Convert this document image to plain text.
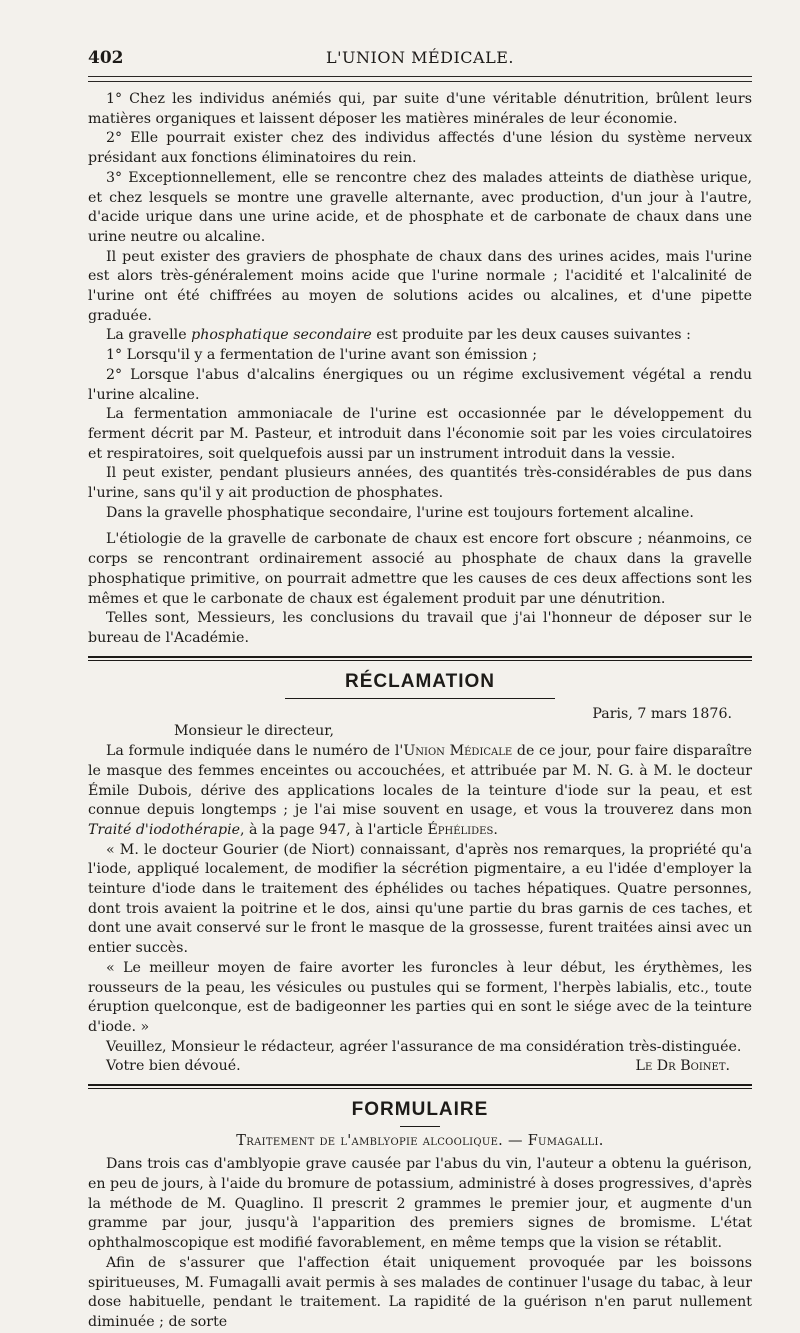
402	L'UNION MÉDICALE.

1° Chez les individus anémiés qui, par suite d'une véritable dénutrition, brûlent leurs matières organiques et laissent déposer les matières minérales de leur économie.

2° Elle pourrait exister chez des individus affectés d'une lésion du système nerveux présidant aux fonctions éliminatoires du rein.

3° Exceptionnellement, elle se rencontre chez des malades atteints de diathèse urique, et chez lesquels se montre une gravelle alternante, avec production, d'un jour à l'autre, d'acide urique dans une urine acide, et de phosphate et de carbonate de chaux dans une urine neutre ou alcaline.

Il peut exister des graviers de phosphate de chaux dans des urines acides, mais l'urine est alors très-généralement moins acide que l'urine normale ; l'acidité et l'alcalinité de l'urine ont été chiffrées au moyen de solutions acides ou alcalines, et d'une pipette graduée.

La gravelle phosphatique secondaire est produite par les deux causes suivantes :

1° Lorsqu'il y a fermentation de l'urine avant son émission ;

2° Lorsque l'abus d'alcalins énergiques ou un régime exclusivement végétal a rendu l'urine alcaline.

La fermentation ammoniacale de l'urine est occasionnée par le développement du ferment décrit par M. Pasteur, et introduit dans l'économie soit par les voies circulatoires et respiratoires, soit quelquefois aussi par un instrument introduit dans la vessie.

Il peut exister, pendant plusieurs années, des quantités très-considérables de pus dans l'urine, sans qu'il y ait production de phosphates.

Dans la gravelle phosphatique secondaire, l'urine est toujours fortement alcaline.

L'étiologie de la gravelle de carbonate de chaux est encore fort obscure ; néanmoins, ce corps se rencontrant ordinairement associé au phosphate de chaux dans la gravelle phosphatique primitive, on pourrait admettre que les causes de ces deux affections sont les mêmes et que le carbonate de chaux est également produit par une dénutrition.

Telles sont, Messieurs, les conclusions du travail que j'ai l'honneur de déposer sur le bureau de l'Académie.

RÉCLAMATION
Paris, 7 mars 1876.
Monsieur le directeur,

La formule indiquée dans le numéro de l'Union Médicale de ce jour, pour faire disparaître le masque des femmes enceintes ou accouchées, et attribuée par M. N. G. à M. le docteur Émile Dubois, dérive des applications locales de la teinture d'iode sur la peau, et est connue depuis longtemps ; je l'ai mise souvent en usage, et vous la trouverez dans mon Traité d'iodothérapie, à la page 947, à l'article Éphélides.

« M. le docteur Gourier (de Niort) connaissant, d'après nos remarques, la propriété qu'a l'iode, appliqué localement, de modifier la sécrétion pigmentaire, a eu l'idée d'employer la teinture d'iode dans le traitement des éphélides ou taches hépatiques. Quatre personnes, dont trois avaient la poitrine et le dos, ainsi qu'une partie du bras garnis de ces taches, et dont une avait conservé sur le front le masque de la grossesse, furent traitées ainsi avec un entier succès.

« Le meilleur moyen de faire avorter les furoncles à leur début, les érythèmes, les rousseurs de la peau, les vésicules ou pustules qui se forment, l'herpès labialis, etc., toute éruption quelconque, est de badigeonner les parties qui en sont le siége avec de la teinture d'iode. »

Veuillez, Monsieur le rédacteur, agréer l'assurance de ma considération très-distinguée.

Votre bien dévoué.	Le Dr Boinet.
FORMULAIRE
Traitement de l'amblyopie alcoolique. — Fumagalli.

Dans trois cas d'amblyopie grave causée par l'abus du vin, l'auteur a obtenu la guérison, en peu de jours, à l'aide du bromure de potassium, administré à doses progressives, d'après la méthode de M. Quaglino. Il prescrit 2 grammes le premier jour, et augmente d'un gramme par jour, jusqu'à l'apparition des premiers signes de bromisme. L'état ophthalmoscopique est modifié favorablement, en même temps que la vision se rétablit.

Afin de s'assurer que l'affection était uniquement provoquée par les boissons spiritueuses, M. Fumagalli avait permis à ses malades de continuer l'usage du tabac, à leur dose habituelle, pendant le traitement. La rapidité de la guérison n'en parut nullement diminuée ; de sorte
